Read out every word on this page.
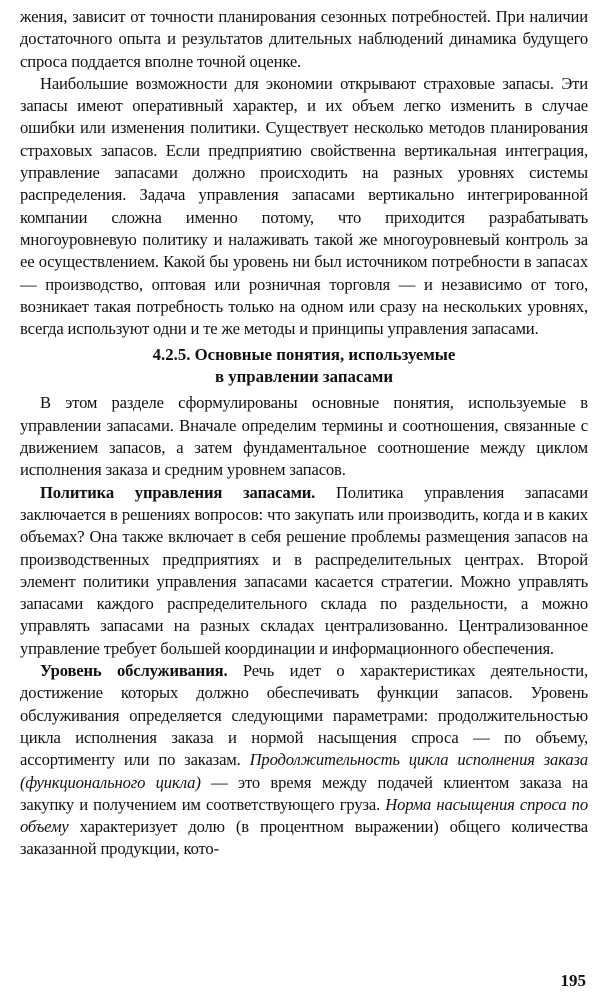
жения, зависит от точности планирования сезонных потребностей. При наличии достаточного опыта и результатов длительных наблюдений динамика будущего спроса поддается вполне точной оценке.

Наибольшие возможности для экономии открывают страховые запасы. Эти запасы имеют оперативный характер, и их объем легко изменить в случае ошибки или изменения политики. Существует несколько методов планирования страховых запасов. Если предприятию свойственна вертикальная интеграция, управление запасами должно происходить на разных уровнях системы распределения. Задача управления запасами вертикально интегрированной компании сложна именно потому, что приходится разрабатывать многоуровневую политику и налаживать такой же многоуровневый контроль за ее осуществлением. Какой бы уровень ни был источником потребности в запасах — производство, оптовая или розничная торговля — и независимо от того, возникает такая потребность только на одном или сразу на нескольких уровнях, всегда используют одни и те же методы и принципы управления запасами.

4.2.5. Основные понятия, используемые
в управлении запасами

В этом разделе сформулированы основные понятия, используемые в управлении запасами. Вначале определим термины и соотношения, связанные с движением запасов, а затем фундаментальное соотношение между циклом исполнения заказа и средним уровнем запасов.

Политика управления запасами. Политика управления запасами заключается в решениях вопросов: что закупать или производить, когда и в каких объемах? Она также включает в себя решение проблемы размещения запасов на производственных предприятиях и в распределительных центрах. Второй элемент политики управления запасами касается стратегии. Можно управлять запасами каждого распределительного склада по раздельности, а можно управлять запасами на разных складах централизованно. Централизованное управление требует большей координации и информационного обеспечения.

Уровень обслуживания. Речь идет о характеристиках деятельности, достижение которых должно обеспечивать функции запасов. Уровень обслуживания определяется следующими параметрами: продолжительностью цикла исполнения заказа и нормой насыщения спроса — по объему, ассортименту или по заказам. Продолжительность цикла исполнения заказа (функционального цикла) — это время между подачей клиентом заказа на закупку и получением им соответствующего груза. Норма насыщения спроса по объему характеризует долю (в процентном выражении) общего количества заказанной продукции, кото-

195
